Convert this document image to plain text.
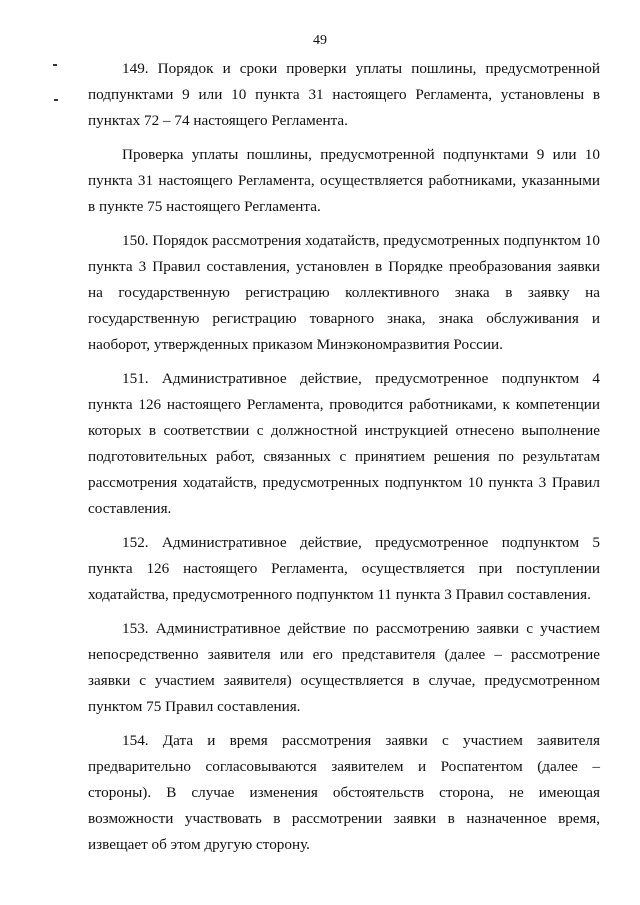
49

149. Порядок и сроки проверки уплаты пошлины, предусмотренной подпунктами 9 или 10 пункта 31 настоящего Регламента, установлены в пунктах 72 – 74 настоящего Регламента.

Проверка уплаты пошлины, предусмотренной подпунктами 9 или 10 пункта 31 настоящего Регламента, осуществляется работниками, указанными в пункте 75 настоящего Регламента.

150. Порядок рассмотрения ходатайств, предусмотренных подпунктом 10 пункта 3 Правил составления, установлен в Порядке преобразования заявки на государственную регистрацию коллективного знака в заявку на государственную регистрацию товарного знака, знака обслуживания и наоборот, утвержденных приказом Минэкономразвития России.

151. Административное действие, предусмотренное подпунктом 4 пункта 126 настоящего Регламента, проводится работниками, к компетенции которых в соответствии с должностной инструкцией отнесено выполнение подготовительных работ, связанных с принятием решения по результатам рассмотрения ходатайств, предусмотренных подпунктом 10 пункта 3 Правил составления.

152. Административное действие, предусмотренное подпунктом 5 пункта 126 настоящего Регламента, осуществляется при поступлении ходатайства, предусмотренного подпунктом 11 пункта 3 Правил составления.

153. Административное действие по рассмотрению заявки с участием непосредственно заявителя или его представителя (далее – рассмотрение заявки с участием заявителя) осуществляется в случае, предусмотренном пунктом 75 Правил составления.

154. Дата и время рассмотрения заявки с участием заявителя предварительно согласовываются заявителем и Роспатентом (далее – стороны). В случае изменения обстоятельств сторона, не имеющая возможности участвовать в рассмотрении заявки в назначенное время, извещает об этом другую сторону.
